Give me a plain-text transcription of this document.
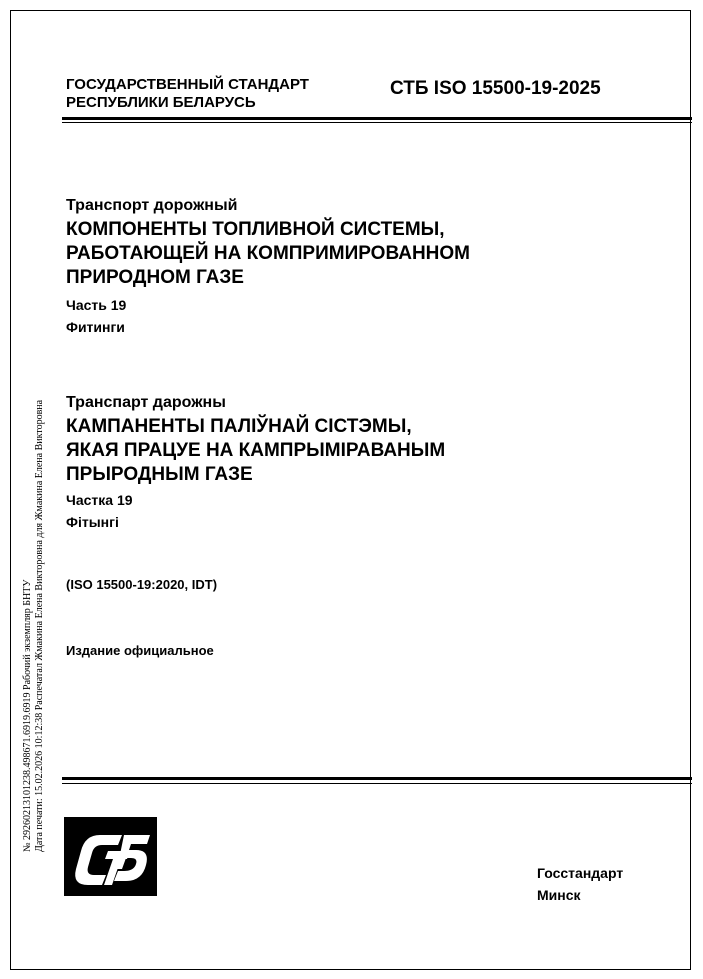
ГОСУДАРСТВЕННЫЙ СТАНДАРТ
РЕСПУБЛИКИ БЕЛАРУСЬ
СТБ ISO 15500-19-2025
Транспорт дорожный
КОМПОНЕНТЫ ТОПЛИВНОЙ СИСТЕМЫ,
РАБОТАЮЩЕЙ НА КОМПРИМИРОВАННОМ
ПРИРОДНОМ ГАЗЕ
Часть 19
Фитинги
Транспарт дарожны
КАМПАНЕНТЫ ПАЛІЎНАЙ СІСТЭМЫ,
ЯКАЯ ПРАЦУЕ НА КАМПРЫМІРАВАНЫМ
ПРЫРОДНЫМ ГАЗЕ
Частка 19
Фітынгі
(ISO 15500-19:2020, IDT)
Издание официальное
№ 29260213101238.498671.6919.6919 Рабочий экземпляр БНТУ Дата печати: 15.02.2026 10:12:38 Распечатал Жмакина Елена Викторовна для Жмакина Елена Викторовна
Госстандарт
Минск
